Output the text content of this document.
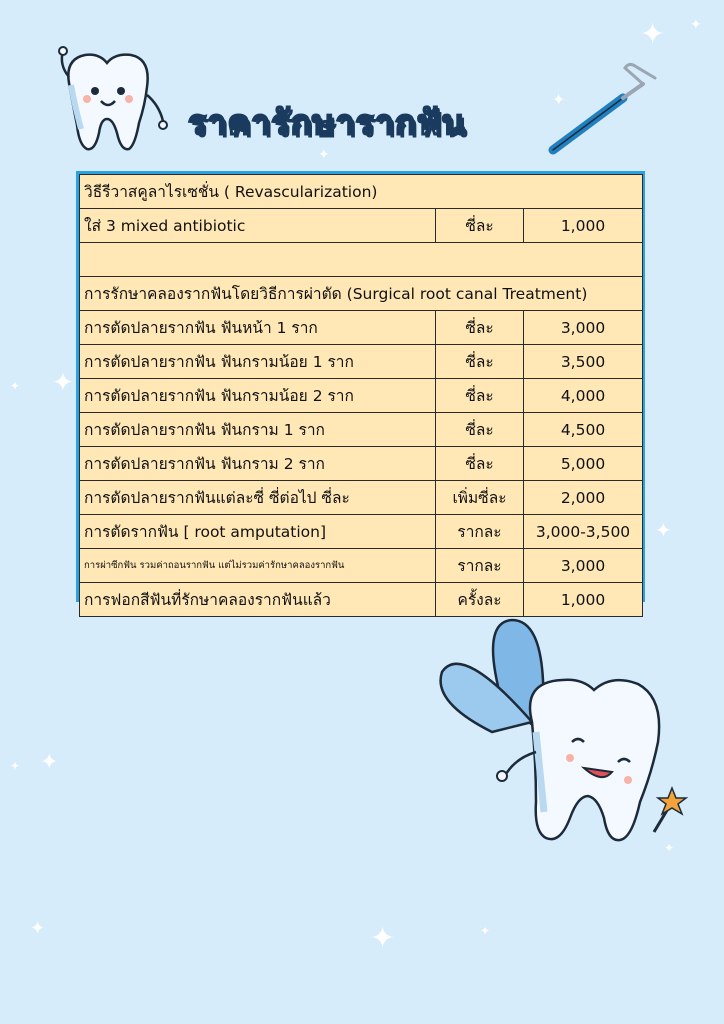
✦ ✦
✦
✦
✦
✦
✦
✦
✦
✦	✦
✦
✦
ราคารักษารากฟัน
วิธีรีวาสคูลาไรเซชั่น ( Revascularization)		
ใส่ 3 mixed antibiotic	ซี่ละ	1,000

การรักษาคลองรากฟันโดยวิธีการผ่าตัด (Surgical root canal Treatment)		
การตัดปลายรากฟัน ฟันหน้า 1 ราก	ซี่ละ	3,000
การตัดปลายรากฟัน ฟันกรามน้อย 1 ราก	ซี่ละ	3,500
การตัดปลายรากฟัน ฟันกรามน้อย 2 ราก	ซี่ละ	4,000
การตัดปลายรากฟัน ฟันกราม 1 ราก	ซี่ละ	4,500
การตัดปลายรากฟัน ฟันกราม 2 ราก	ซี่ละ	5,000
การตัดปลายรากฟันแต่ละซี่ ซี่ต่อไป ซี่ละ	เพิ่มซี่ละ	2,000
การตัดรากฟัน [ root amputation]	รากละ	3,000-3,500
การผ่าซีกฟัน รวมค่าถอนรากฟัน แต่ไม่รวมค่ารักษาคลองรากฟัน	รากละ	3,000
การฟอกสีฟันที่รักษาคลองรากฟันแล้ว	ครั้งละ	1,000
